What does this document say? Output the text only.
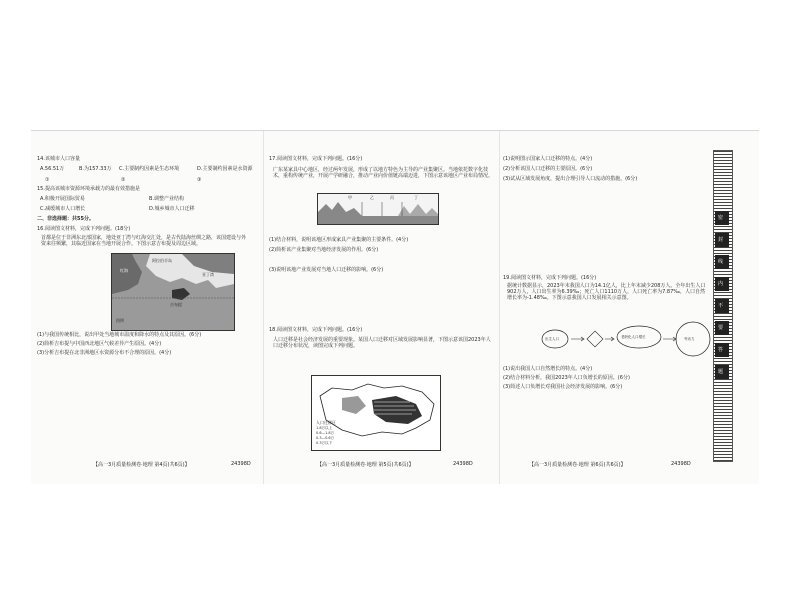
14.该城市人口容量
A.56.51万	B.为157.33万 C.主要制约因素是生态环境	D.主要制约因素是水资源
①	②	③
15.提高该城市资源环境承载力的最有效措施是
A.积极开展国际贸易	B.调整产业结构
C.减缓城市人口增长	D.城乡城市人口迁移
二、非选择题：共55分。
16.阅读图文材料，完成下列问题。(18分)
首都是位于非洲东北部国家，地处亚丁湾与红海交汇处，是古代陆海丝绸之路，该国建设与外资来往频繁，其临近国家在当地开展合作。下图示意吉布提及周边区域。
阿拉伯半岛
亚丁湾
红海
吉布提
图例
(1)与我国传统相比，说出甲处当地城市温度和降水的特点及其原因。(6分)
(2)简析吉布提与中国西北地区气候差异产生原因。(4分)
(3)分析吉布提在北非洲地区水资源分布不合理的原因。(4分)
【高一3月质量检测卷·地理 第4页(共6页)】	24398D
17.阅读图文材料，完成下列问题。(16分)
广东某家具中心地区，经过两年发展，形成了以地方特色为主导的产业集聚区。当地依托数字化技术，重构传统产业，开展产学研融合，推动产业向价值链高端迈进，下图示意该地区产业布局情况。
甲	乙	丙	丁
(1)结合材料，说明该地区形成家具产业集聚的主要条件。(4分)
(2)简析该产业集聚对当地经济发展的作用。(6分)
(3)说明该地产业发展对当地人口迁移的影响。(6分)
18.阅读图文材料，完成下列问题。(16分)
人口迁移是社会经济发展的重要现象。某国人口迁移对区域发展影响显著，下图示意该国2023年人口迁移分布状况，读图完成下列问题。
人口迁移区
1.8万以上
0.6—1.8万
0.3—0.6万
0.3万以下
【高一3月质量检测卷·地理 第5页(共6页)】	24398D
(1)说明图示国家人口迁移的特点。(4分)
(2)分析该国人口迁移的主要原因。(6分)
(3)试从区域发展角度，提出合理引导人口流动的措施。(6分)
19.阅读图文材料，完成下列问题。(16分)
据统计数据显示，2023年末我国人口为14.1亿人，比上年末减少208万人。全年出生人口902万人，人口出生率为6.39‰；死亡人口1110万人，人口死亡率为7.87‰，人口自然增长率为-1.48‰。下图示意我国人口发展相关示意图。
出生人口	老龄化人口增长	劳动力
(1)说出我国人口自然增长的特点。(4分)
(2)结合材料分析，我国2023年人口负增长的原因。(6分)
(3)简述人口负增长对我国社会经济发展的影响。(6分)
【高一3月质量检测卷·地理 第6页(共6页)】	24398D
密
封
线
内
不
要
答
题
